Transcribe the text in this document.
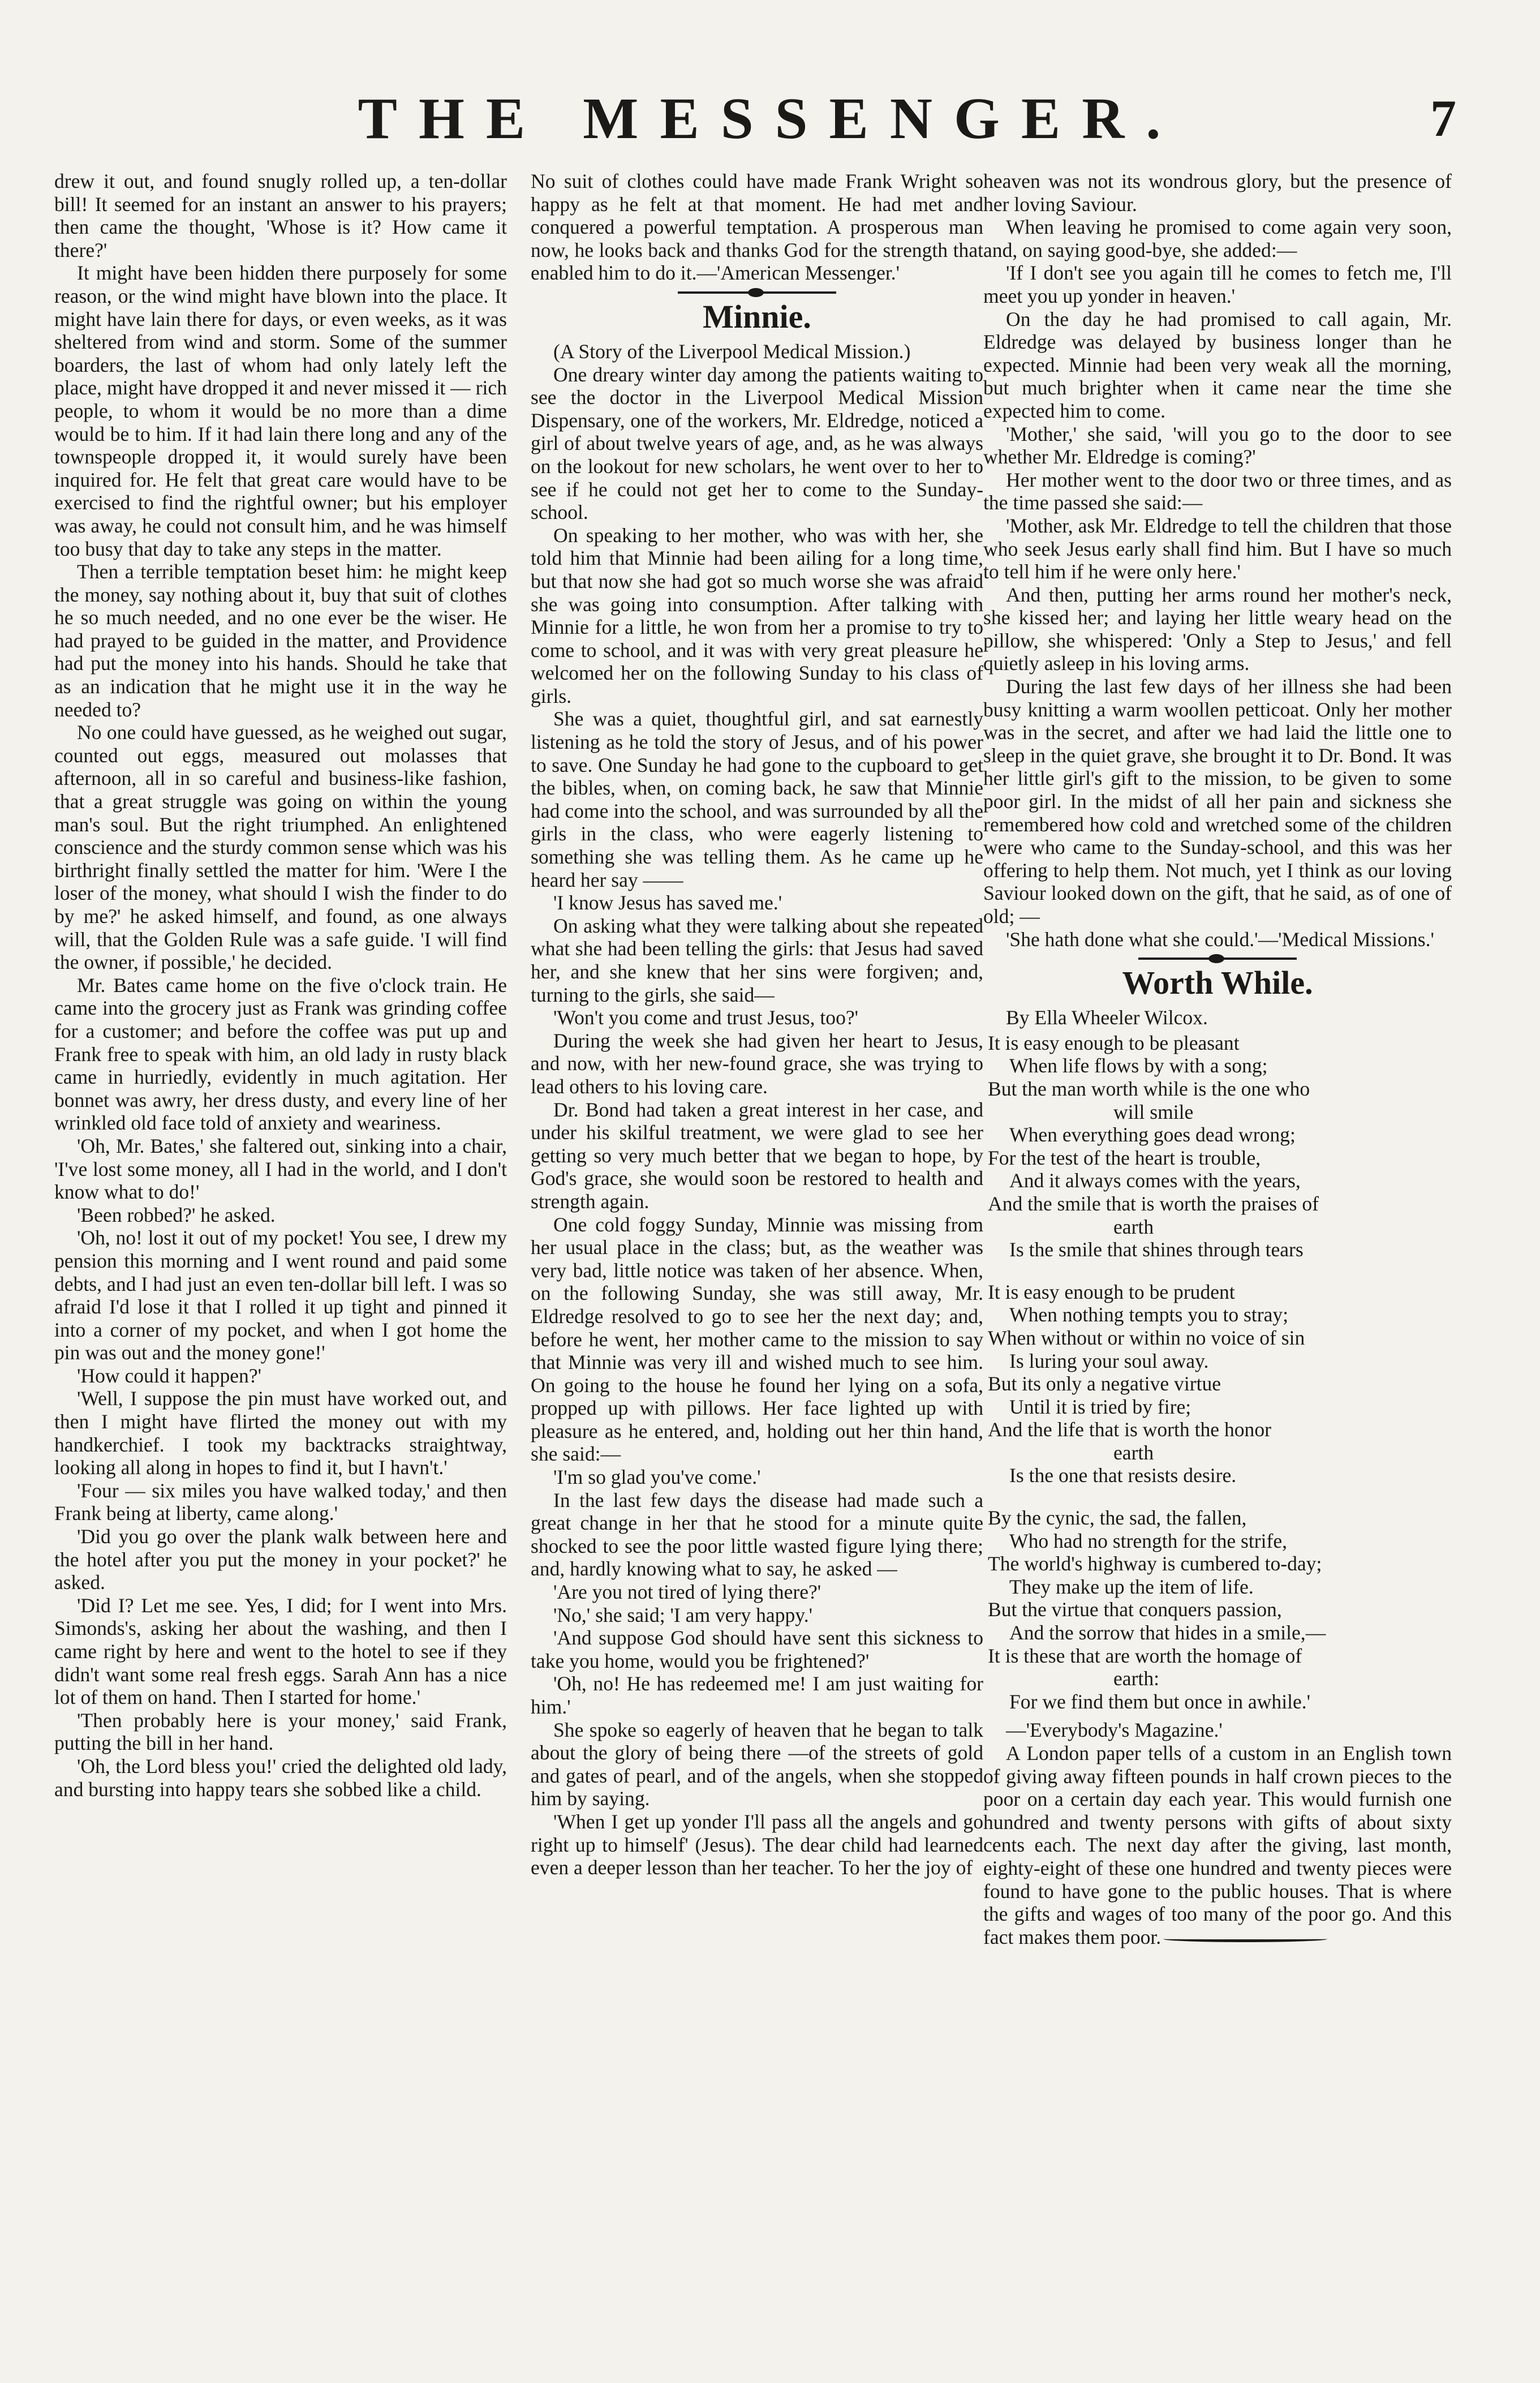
THE MESSENGER.	7

drew it out, and found snugly rolled up, a ten-dollar bill! It seemed for an instant an answer to his prayers; then came the thought, 'Whose is it? How came it there?'

It might have been hidden there purposely for some reason, or the wind might have blown into the place. It might have lain there for days, or even weeks, as it was sheltered from wind and storm. Some of the summer boarders, the last of whom had only lately left the place, might have dropped it and never missed it — rich people, to whom it would be no more than a dime would be to him. If it had lain there long and any of the townspeople dropped it, it would surely have been inquired for. He felt that great care would have to be exercised to find the rightful owner; but his employer was away, he could not consult him, and he was himself too busy that day to take any steps in the matter.

Then a terrible temptation beset him: he might keep the money, say nothing about it, buy that suit of clothes he so much needed, and no one ever be the wiser. He had prayed to be guided in the matter, and Providence had put the money into his hands. Should he take that as an indication that he might use it in the way he needed to?

No one could have guessed, as he weighed out sugar, counted out eggs, measured out molasses that afternoon, all in so careful and business-like fashion, that a great struggle was going on within the young man's soul. But the right triumphed. An enlightened conscience and the sturdy common sense which was his birthright finally settled the matter for him. 'Were I the loser of the money, what should I wish the finder to do by me?' he asked himself, and found, as one always will, that the Golden Rule was a safe guide. 'I will find the owner, if possible,' he decided.

Mr. Bates came home on the five o'clock train. He came into the grocery just as Frank was grinding coffee for a customer; and before the coffee was put up and Frank free to speak with him, an old lady in rusty black came in hurriedly, evidently in much agitation. Her bonnet was awry, her dress dusty, and every line of her wrinkled old face told of anxiety and weariness.

'Oh, Mr. Bates,' she faltered out, sinking into a chair, 'I've lost some money, all I had in the world, and I don't know what to do!'

'Been robbed?' he asked.

'Oh, no! lost it out of my pocket! You see, I drew my pension this morning and I went round and paid some debts, and I had just an even ten-dollar bill left. I was so afraid I'd lose it that I rolled it up tight and pinned it into a corner of my pocket, and when I got home the pin was out and the money gone!'

'How could it happen?'

'Well, I suppose the pin must have worked out, and then I might have flirted the money out with my handkerchief. I took my backtracks straightway, looking all along in hopes to find it, but I havn't.'

'Four — six miles you have walked today,' and then Frank being at liberty, came along.'

'Did you go over the plank walk between here and the hotel after you put the money in your pocket?' he asked.

'Did I? Let me see. Yes, I did; for I went into Mrs. Simonds's, asking her about the washing, and then I came right by here and went to the hotel to see if they didn't want some real fresh eggs. Sarah Ann has a nice lot of them on hand. Then I started for home.'

'Then probably here is your money,' said Frank, putting the bill in her hand.

'Oh, the Lord bless you!' cried the delighted old lady, and bursting into happy tears she sobbed like a child.

No suit of clothes could have made Frank Wright so happy as he felt at that moment. He had met and conquered a powerful temptation. A prosperous man now, he looks back and thanks God for the strength that enabled him to do it.—'American Messenger.'

Minnie.

(A Story of the Liverpool Medical Mission.)

One dreary winter day among the patients waiting to see the doctor in the Liverpool Medical Mission Dispensary, one of the workers, Mr. Eldredge, noticed a girl of about twelve years of age, and, as he was always on the lookout for new scholars, he went over to her to see if he could not get her to come to the Sunday-school.

On speaking to her mother, who was with her, she told him that Minnie had been ailing for a long time, but that now she had got so much worse she was afraid she was going into consumption. After talking with Minnie for a little, he won from her a promise to try to come to school, and it was with very great pleasure he welcomed her on the following Sunday to his class of girls.

She was a quiet, thoughtful girl, and sat earnestly listening as he told the story of Jesus, and of his power to save. One Sunday he had gone to the cupboard to get the bibles, when, on coming back, he saw that Minnie had come into the school, and was surrounded by all the girls in the class, who were eagerly listening to something she was telling them. As he came up he heard her say ——

'I know Jesus has saved me.'

On asking what they were talking about she repeated what she had been telling the girls: that Jesus had saved her, and she knew that her sins were forgiven; and, turning to the girls, she said—

'Won't you come and trust Jesus, too?'

During the week she had given her heart to Jesus, and now, with her new-found grace, she was trying to lead others to his loving care.

Dr. Bond had taken a great interest in her case, and under his skilful treatment, we were glad to see her getting so very much better that we began to hope, by God's grace, she would soon be restored to health and strength again.

One cold foggy Sunday, Minnie was missing from her usual place in the class; but, as the weather was very bad, little notice was taken of her absence. When, on the following Sunday, she was still away, Mr. Eldredge resolved to go to see her the next day; and, before he went, her mother came to the mission to say that Minnie was very ill and wished much to see him. On going to the house he found her lying on a sofa, propped up with pillows. Her face lighted up with pleasure as he entered, and, holding out her thin hand, she said:—

'I'm so glad you've come.'

In the last few days the disease had made such a great change in her that he stood for a minute quite shocked to see the poor little wasted figure lying there; and, hardly knowing what to say, he asked —

'Are you not tired of lying there?'

'No,' she said; 'I am very happy.'

'And suppose God should have sent this sickness to take you home, would you be frightened?'

'Oh, no! He has redeemed me! I am just waiting for him.'

She spoke so eagerly of heaven that he began to talk about the glory of being there —of the streets of gold and gates of pearl, and of the angels, when she stopped him by saying.

'When I get up yonder I'll pass all the angels and go right up to himself' (Jesus). The dear child had learned even a deeper lesson than her teacher. To her the joy of

heaven was not its wondrous glory, but the presence of her loving Saviour.

When leaving he promised to come again very soon, and, on saying good-bye, she added:—

'If I don't see you again till he comes to fetch me, I'll meet you up yonder in heaven.'

On the day he had promised to call again, Mr. Eldredge was delayed by business longer than he expected. Minnie had been very weak all the morning, but much brighter when it came near the time she expected him to come.

'Mother,' she said, 'will you go to the door to see whether Mr. Eldredge is coming?'

Her mother went to the door two or three times, and as the time passed she said:—

'Mother, ask Mr. Eldredge to tell the children that those who seek Jesus early shall find him. But I have so much to tell him if he were only here.'

And then, putting her arms round her mother's neck, she kissed her; and laying her little weary head on the pillow, she whispered: 'Only a Step to Jesus,' and fell quietly asleep in his loving arms.

During the last few days of her illness she had been busy knitting a warm woollen petticoat. Only her mother was in the secret, and after we had laid the little one to sleep in the quiet grave, she brought it to Dr. Bond. It was her little girl's gift to the mission, to be given to some poor girl. In the midst of all her pain and sickness she remembered how cold and wretched some of the children were who came to the Sunday-school, and this was her offering to help them. Not much, yet I think as our loving Saviour looked down on the gift, that he said, as of one of old; —

'She hath done what she could.'—'Medical Missions.'

Worth While.

By Ella Wheeler Wilcox.

It is easy enough to be pleasant
When life flows by with a song;
But the man worth while is the one who
will smile
When everything goes dead wrong;
For the test of the heart is trouble,
And it always comes with the years,
And the smile that is worth the praises of
earth
Is the smile that shines through tears
It is easy enough to be prudent
When nothing tempts you to stray;
When without or within no voice of sin
Is luring your soul away.
But its only a negative virtue
Until it is tried by fire;
And the life that is worth the honor
earth
Is the one that resists desire.
By the cynic, the sad, the fallen,
Who had no strength for the strife,
The world's highway is cumbered to-day;
They make up the item of life.
But the virtue that conquers passion,
And the sorrow that hides in a smile,—
It is these that are worth the homage of
earth:
For we find them but once in awhile.'

—'Everybody's Magazine.'

A London paper tells of a custom in an English town of giving away fifteen pounds in half crown pieces to the poor on a certain day each year. This would furnish one hundred and twenty persons with gifts of about sixty cents each. The next day after the giving, last month, eighty-eight of these one hundred and twenty pieces were found to have gone to the public houses. That is where the gifts and wages of too many of the poor go. And this fact makes them poor.
